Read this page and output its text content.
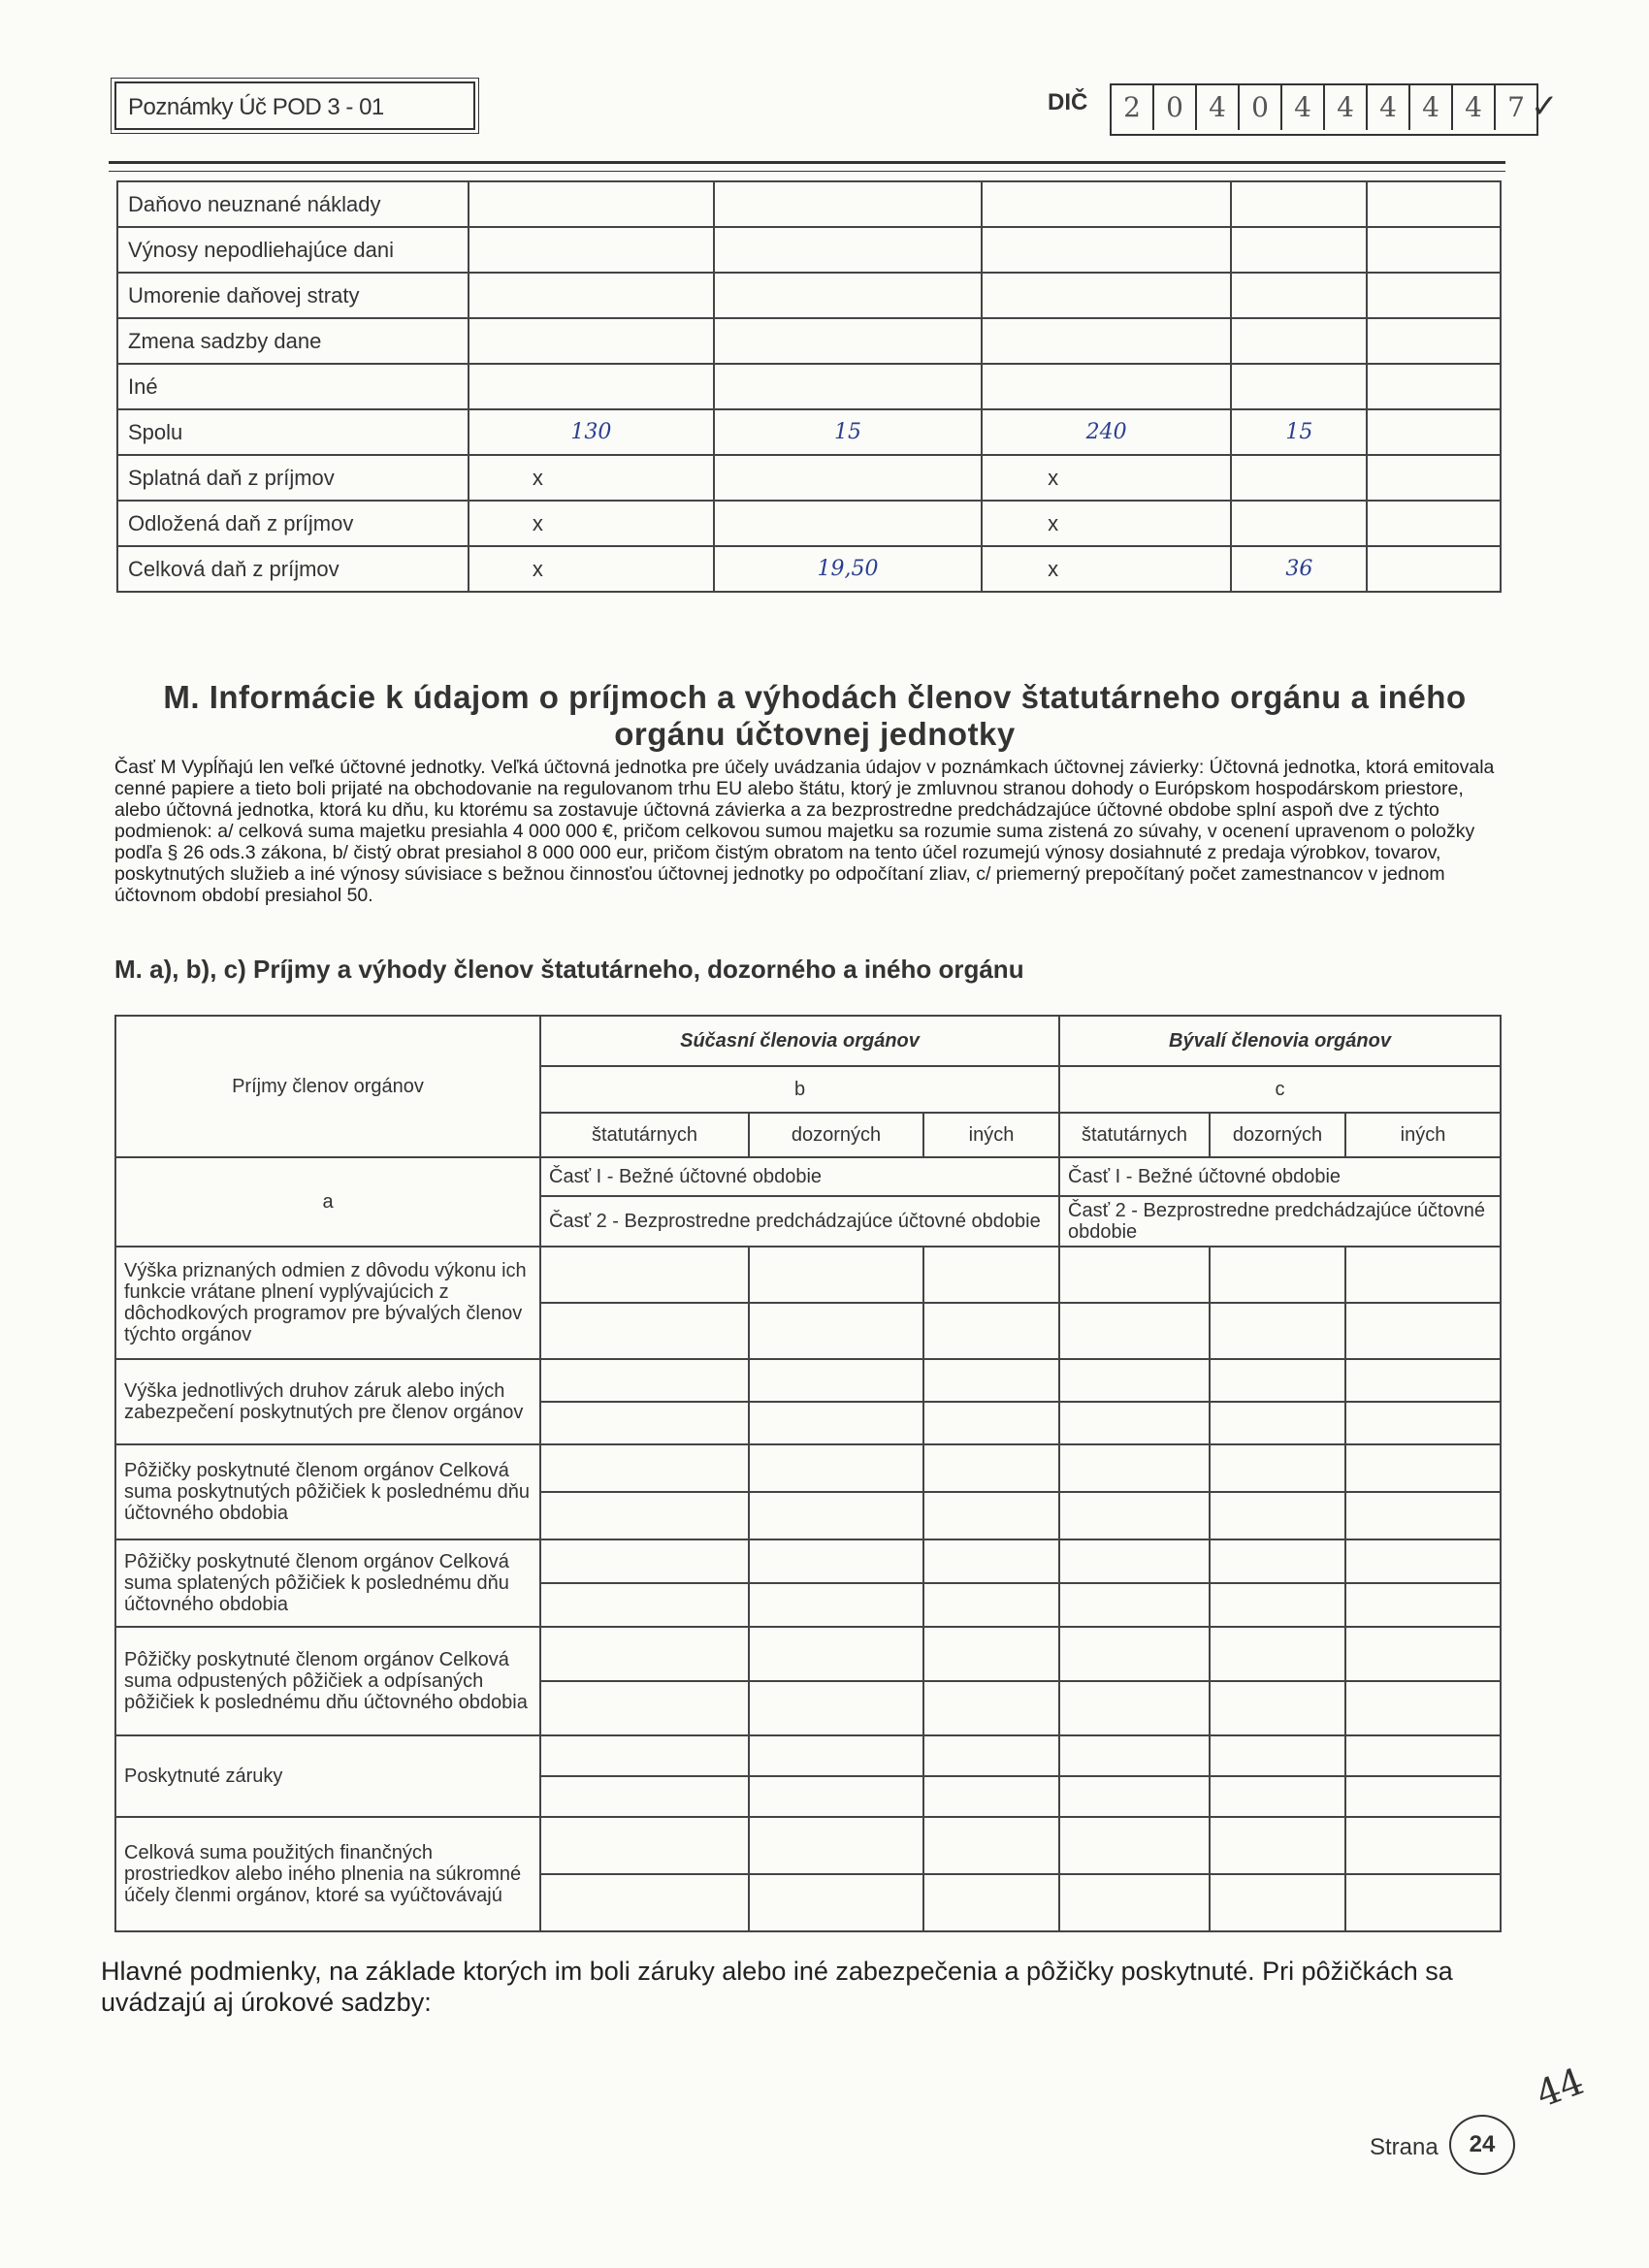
Poznámky Úč POD 3 - 01	DIČ	2 0 4 0 4 4 4 4 4 7 ✓
Daňovo neuznané náklady					
Výnosy nepodliehajúce dani					
Umorenie daňovej straty					
Zmena sadzby dane					
Iné					
Spolu	130	15	240	15	
Splatná daň z príjmov	x		x		
Odložená daň z príjmov	x		x		
Celková daň z príjmov	x	19,50	x	36	
M. Informácie k údajom o príjmoch a výhodách členov štatutárneho orgánu a iného orgánu účtovnej jednotky
Časť M Vypĺňajú len veľké účtovné jednotky. Veľká účtovná jednotka pre účely uvádzania údajov v poznámkach účtovnej závierky: Účtovná jednotka, ktorá emitovala cenné papiere a tieto boli prijaté na obchodovanie na regulovanom trhu EU alebo štátu, ktorý je zmluvnou stranou dohody o Európskom hospodárskom priestore, alebo účtovná jednotka, ktorá ku dňu, ku ktorému sa zostavuje účtovná závierka a za bezprostredne predchádzajúce účtovné obdobe splní aspoň dve z týchto podmienok: a/ celková suma majetku presiahla 4 000 000 €, pričom celkovou sumou majetku sa rozumie suma zistená zo súvahy, v ocenení upravenom o položky podľa § 26 ods.3 zákona, b/ čistý obrat presiahol 8 000 000 eur, pričom čistým obratom na tento účel rozumejú výnosy dosiahnuté z predaja výrobkov, tovarov, poskytnutých služieb a iné výnosy súvisiace s bežnou činnosťou účtovnej jednotky po odpočítaní zliav, c/ priemerný prepočítaný počet zamestnancov v jednom účtovnom období presiahol 50.
M. a), b), c) Príjmy a výhody členov štatutárneho, dozorného a iného orgánu
Príjmy členov orgánov	Súčasní členovia orgánov			Bývalí členovia orgánov		
	b			c		
	štatutárnych	dozorných	iných	štatutárnych	dozorných	iných
a	Časť I - Bežné účtovné obdobie			Časť I - Bežné účtovné obdobie		
	Časť 2 - Bezprostredne predchádzajúce účtovné obdobie			Časť 2 - Bezprostredne predchádzajúce účtovné obdobie		
Výška priznaných odmien z dôvodu výkonu ich funkcie vrátane plnení vyplývajúcich z dôchodkových programov pre bývalých členov týchto orgánov						

Výška jednotlivých druhov záruk alebo iných zabezpečení poskytnutých pre členov orgánov						

Pôžičky poskytnuté členom orgánov Celková suma poskytnutých pôžičiek k poslednému dňu účtovného obdobia						

Pôžičky poskytnuté členom orgánov Celková suma splatených pôžičiek k poslednému dňu účtovného obdobia						

Pôžičky poskytnuté členom orgánov Celková suma odpustených pôžičiek a odpísaných pôžičiek k poslednému dňu účtovného obdobia						

Poskytnuté záruky						

Celková suma použitých finančných prostriedkov alebo iného plnenia na súkromné účely členmi orgánov, ktoré sa vyúčtovávajú						

Hlavné podmienky, na základe ktorých im boli záruky alebo iné zabezpečenia a pôžičky poskytnuté. Pri pôžičkách sa uvádzajú aj úrokové sadzby:
Strana	24
44
